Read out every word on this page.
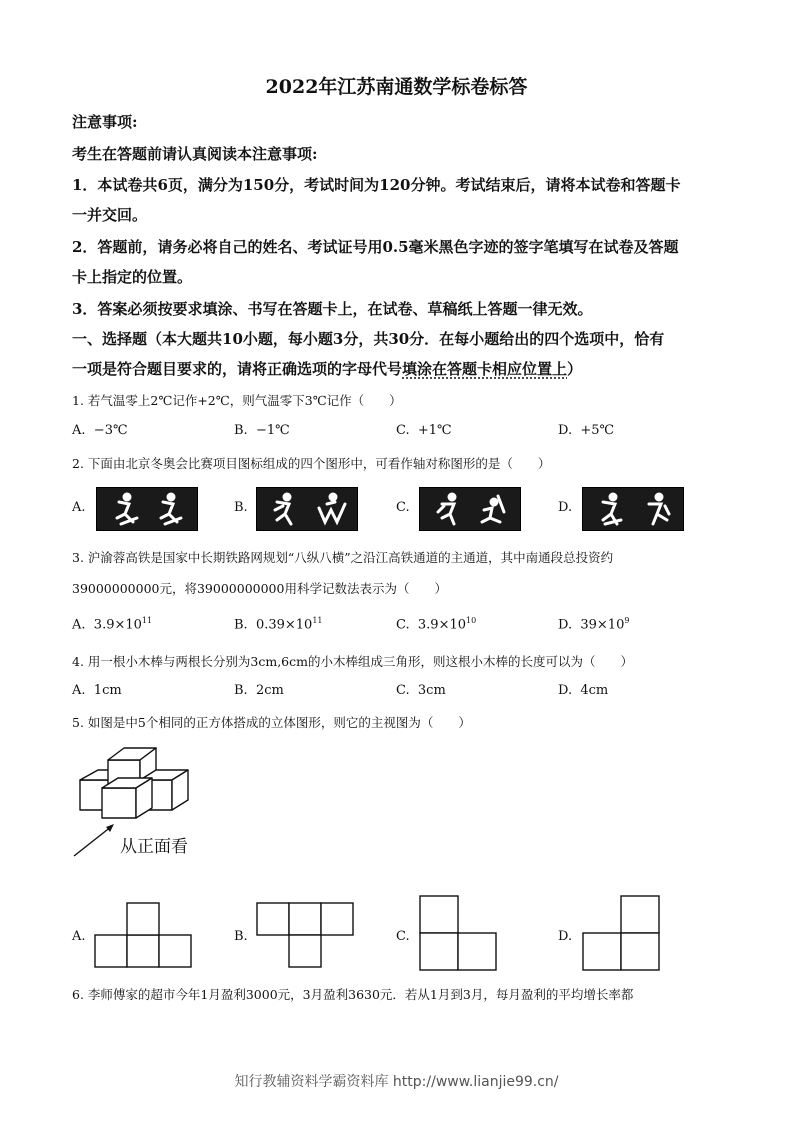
2022年江苏南通数学标卷标答
注意事项:
考生在答题前请认真阅读本注意事项:
1．本试卷共6页，满分为150分，考试时间为120分钟。考试结束后，请将本试卷和答题卡
一并交回。
2．答题前，请务必将自己的姓名、考试证号用0.5毫米黑色字迹的签字笔填写在试卷及答题
卡上指定的位置。
3．答案必须按要求填涂、书写在答题卡上，在试卷、草稿纸上答题一律无效。
一、选择题（本大题共10小题，每小题3分，共30分．在每小题给出的四个选项中，恰有
一项是符合题目要求的，请将正确选项的字母代号填涂在答题卡相应位置上）
1. 若气温零上2℃记作+2℃，则气温零下3℃记作（　　）
A. −3℃	B. −1℃	C. +1℃	D. +5℃
2. 下面由北京冬奥会比赛项目图标组成的四个图形中，可看作轴对称图形的是（　　）
A.	B.	C.	D.
3. 沪渝蓉高铁是国家中长期铁路网规划“八纵八横”之沿江高铁通道的主通道，其中南通段总投资约
39000000000元，将39000000000用科学记数法表示为（　　）
A. $3.9\times 10^{11}$	B. $0.39\times 10^{11}$	C. $3.9\times 10^{10}$	D. $39\times 10^9$
4. 用一根小木棒与两根长分别为3cm,6cm的小木棒组成三角形，则这根小木棒的长度可以为（　　）
A. 1cm	B. 2cm	C. 3cm	D. 4cm
5. 如图是中5个相同的正方体搭成的立体图形，则它的主视图为（　　）
从正面看
A.	B.	C.	D.
6. 李师傅家的超市今年1月盈利3000元，3月盈利3630元．若从1月到3月，每月盈利的平均增长率都
知行教辅资料学霸资料库 http://www.lianjie99.cn/
